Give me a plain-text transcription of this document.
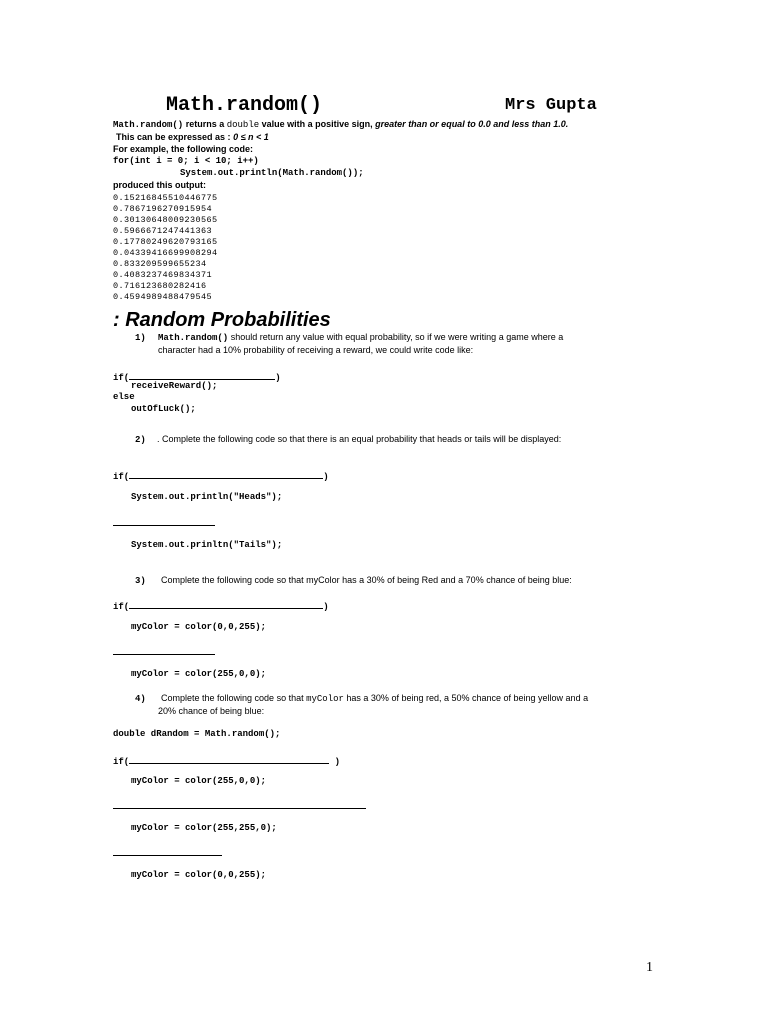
Math.random()	Mrs Gupta
Math.random() returns a double value with a positive sign, greater than or equal to 0.0 and less than 1.0.
This can be expressed as : 0 ≤ n < 1
For example, the following code:
for(int i = 0; i < 10; i++)
System.out.println(Math.random());
produced this output:
0.15216845510446775
0.7867196270915954
0.30130648009230565
0.5966671247441363
0.17780249620793165
0.04339416699908294
0.833209599655234
0.4083237469834371
0.716123680282416
0.4594989488479545
: Random Probabilities
1) Math.random() should return any value with equal probability, so if we were writing a game where a
character had a 10% probability of receiving a reward, we could write code like:
if(	)
receiveReward();
else
outOfLuck();
2) . Complete the following code so that there is an equal probability that heads or tails will be displayed:
if(	)
System.out.println("Heads");
System.out.prinltn("Tails");
3) Complete the following code so that myColor has a 30% of being Red and a 70% chance of being blue:
if(	)
myColor = color(0,0,255);
myColor = color(255,0,0);
4) Complete the following code so that myColor has a 30% of being red, a 50% chance of being yellow and a
20% chance of being blue:
double dRandom = Math.random();
if(	)
myColor = color(255,0,0);
myColor = color(255,255,0);
myColor = color(0,0,255);
1
